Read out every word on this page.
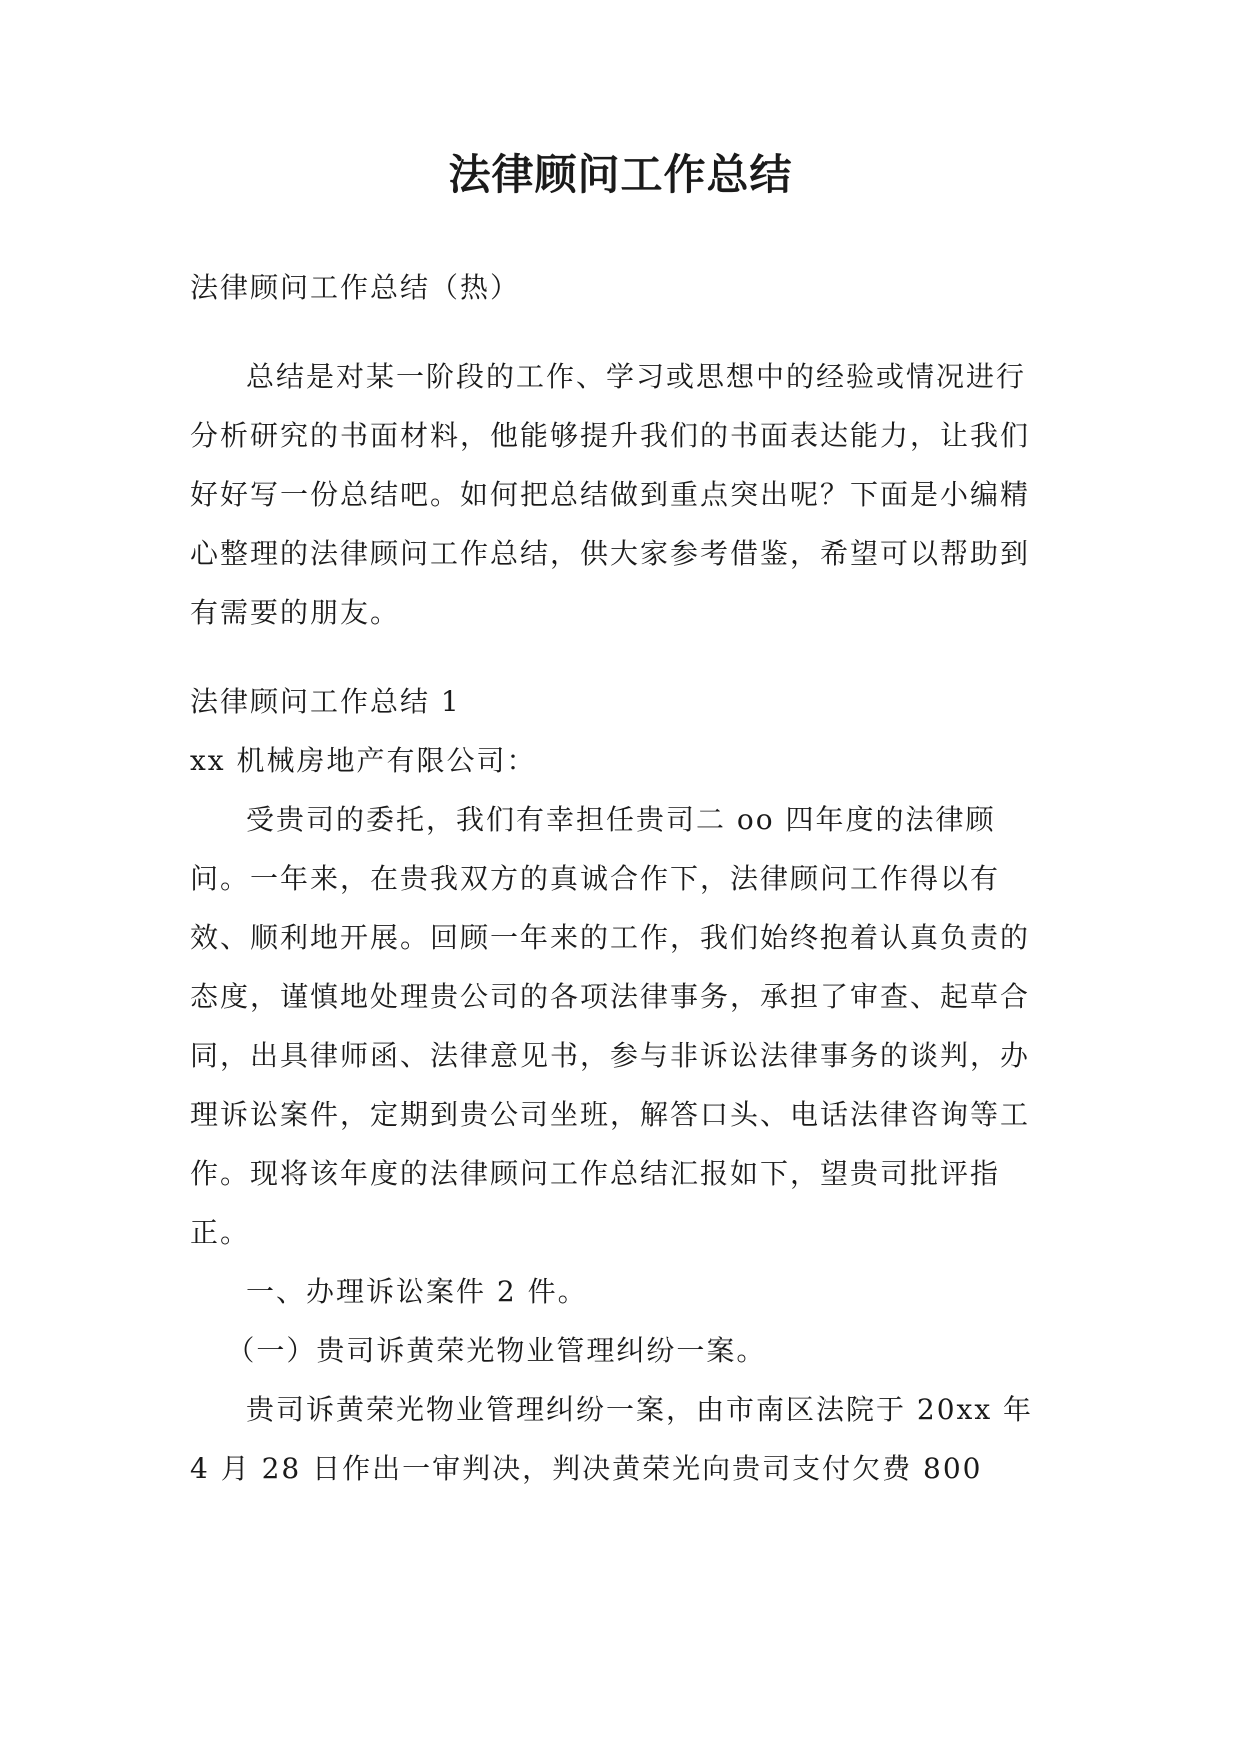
法律顾问工作总结

法律顾问工作总结（热）

总结是对某一阶段的工作、学习或思想中的经验或情况进行分析研究的书面材料，他能够提升我们的书面表达能力，让我们好好写一份总结吧。如何把总结做到重点突出呢？下面是小编精心整理的法律顾问工作总结，供大家参考借鉴，希望可以帮助到有需要的朋友。

法律顾问工作总结 1

xx 机械房地产有限公司：

受贵司的委托，我们有幸担任贵司二 oo 四年度的法律顾问。一年来，在贵我双方的真诚合作下，法律顾问工作得以有效、顺利地开展。回顾一年来的工作，我们始终抱着认真负责的态度，谨慎地处理贵公司的各项法律事务，承担了审查、起草合同，出具律师函、法律意见书，参与非诉讼法律事务的谈判，办理诉讼案件，定期到贵公司坐班，解答口头、电话法律咨询等工作。现将该年度的法律顾问工作总结汇报如下，望贵司批评指正。

一、办理诉讼案件 2 件。

（一）贵司诉黄荣光物业管理纠纷一案。

贵司诉黄荣光物业管理纠纷一案，由市南区法院于 20xx 年 4 月 28 日作出一审判决，判决黄荣光向贵司支付欠费 800
